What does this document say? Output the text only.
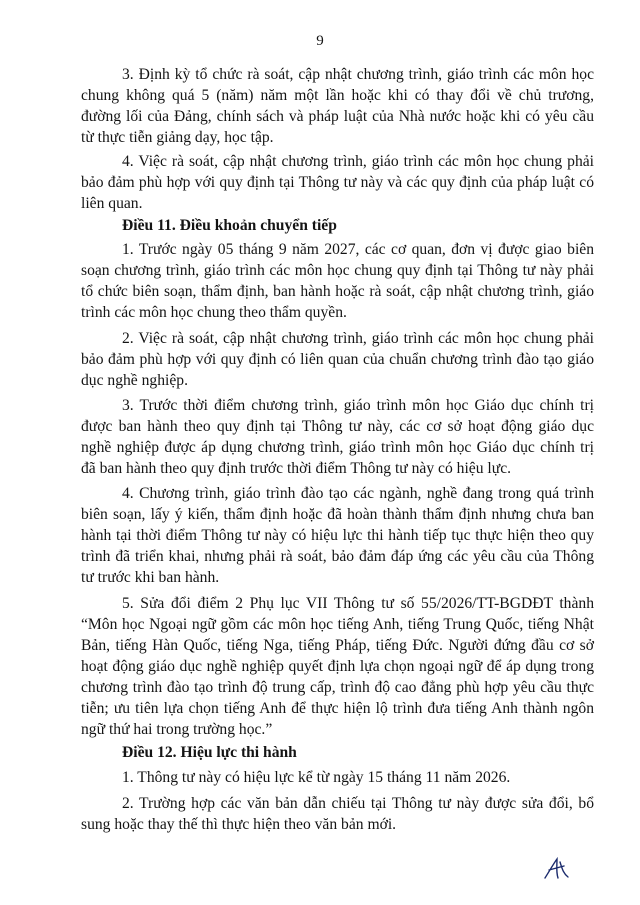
9
3. Định kỳ tổ chức rà soát, cập nhật chương trình, giáo trình các môn học
chung không quá 5 (năm) năm một lần hoặc khi có thay đổi về chủ trương,
đường lối của Đảng, chính sách và pháp luật của Nhà nước hoặc khi có yêu cầu
từ thực tiễn giảng dạy, học tập.
4. Việc rà soát, cập nhật chương trình, giáo trình các môn học chung phải
bảo đảm phù hợp với quy định tại Thông tư này và các quy định của pháp luật có
liên quan.
Điều 11. Điều khoản chuyển tiếp
1. Trước ngày 05 tháng 9 năm 2027, các cơ quan, đơn vị được giao biên
soạn chương trình, giáo trình các môn học chung quy định tại Thông tư này phải
tổ chức biên soạn, thẩm định, ban hành hoặc rà soát, cập nhật chương trình, giáo
trình các môn học chung theo thẩm quyền.
2. Việc rà soát, cập nhật chương trình, giáo trình các môn học chung phải
bảo đảm phù hợp với quy định có liên quan của chuẩn chương trình đào tạo giáo
dục nghề nghiệp.
3. Trước thời điểm chương trình, giáo trình môn học Giáo dục chính trị
được ban hành theo quy định tại Thông tư này, các cơ sở hoạt động giáo dục
nghề nghiệp được áp dụng chương trình, giáo trình môn học Giáo dục chính trị
đã ban hành theo quy định trước thời điểm Thông tư này có hiệu lực.
4. Chương trình, giáo trình đào tạo các ngành, nghề đang trong quá trình
biên soạn, lấy ý kiến, thẩm định hoặc đã hoàn thành thẩm định nhưng chưa ban
hành tại thời điểm Thông tư này có hiệu lực thi hành tiếp tục thực hiện theo quy
trình đã triển khai, nhưng phải rà soát, bảo đảm đáp ứng các yêu cầu của Thông
tư trước khi ban hành.
5. Sửa đổi điểm 2 Phụ lục VII Thông tư số 55/2026/TT-BGDĐT thành
“Môn học Ngoại ngữ gồm các môn học tiếng Anh, tiếng Trung Quốc, tiếng Nhật
Bản, tiếng Hàn Quốc, tiếng Nga, tiếng Pháp, tiếng Đức. Người đứng đầu cơ sở
hoạt động giáo dục nghề nghiệp quyết định lựa chọn ngoại ngữ để áp dụng trong
chương trình đào tạo trình độ trung cấp, trình độ cao đẳng phù hợp yêu cầu thực
tiễn; ưu tiên lựa chọn tiếng Anh để thực hiện lộ trình đưa tiếng Anh thành ngôn
ngữ thứ hai trong trường học.”
Điều 12. Hiệu lực thi hành
1. Thông tư này có hiệu lực kể từ ngày 15 tháng 11 năm 2026.
2. Trường hợp các văn bản dẫn chiếu tại Thông tư này được sửa đổi, bổ
sung hoặc thay thế thì thực hiện theo văn bản mới.
